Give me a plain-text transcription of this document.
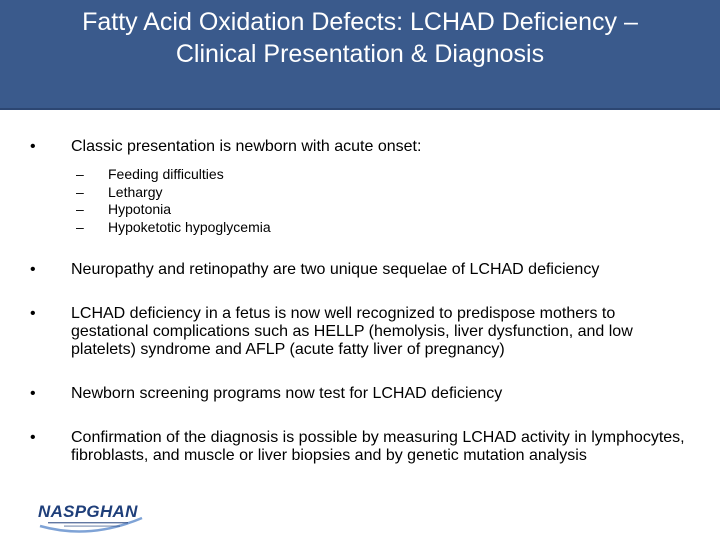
Fatty Acid Oxidation Defects: LCHAD Deficiency – Clinical Presentation & Diagnosis
•	Classic presentation is newborn with acute onset:
– Feeding difficulties
– Lethargy
– Hypotonia
– Hypoketotic hypoglycemia
•	Neuropathy and retinopathy are two unique sequelae of LCHAD deficiency
•	LCHAD deficiency in a fetus is now well recognized to predispose mothers to gestational complications such as HELLP (hemolysis, liver dysfunction, and low platelets) syndrome and AFLP (acute fatty liver of pregnancy)
•	Newborn screening programs now test for LCHAD deficiency
•	Confirmation of the diagnosis is possible by measuring LCHAD activity in lymphocytes, fibroblasts, and muscle or liver biopsies and by genetic mutation analysis
NASPGHAN
